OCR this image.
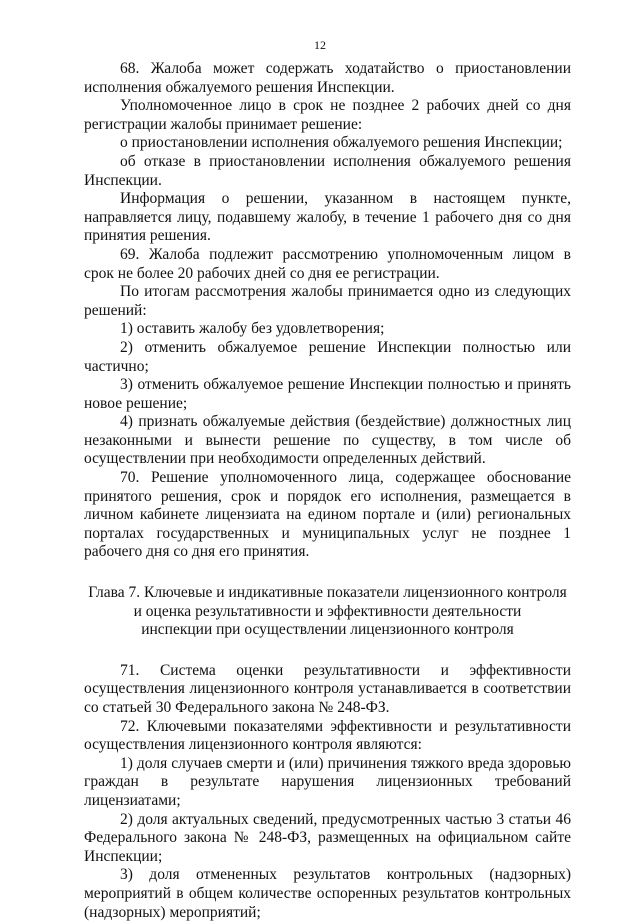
12

68. Жалоба может содержать ходатайство о приостановлении исполнения обжалуемого решения Инспекции.

Уполномоченное лицо в срок не позднее 2 рабочих дней со дня регистрации жалобы принимает решение:

о приостановлении исполнения обжалуемого решения Инспекции;

об отказе в приостановлении исполнения обжалуемого решения Инспекции.

Информация о решении, указанном в настоящем пункте, направляется лицу, подавшему жалобу, в течение 1 рабочего дня со дня принятия решения.

69. Жалоба подлежит рассмотрению уполномоченным лицом в срок не более 20 рабочих дней со дня ее регистрации.

По итогам рассмотрения жалобы принимается одно из следующих решений:

1) оставить жалобу без удовлетворения;

2) отменить обжалуемое решение Инспекции полностью или частично;

3) отменить обжалуемое решение Инспекции полностью и принять новое решение;

4) признать обжалуемые действия (бездействие) должностных лиц незаконными и вынести решение по существу, в том числе об осуществлении при необходимости определенных действий.

70. Решение уполномоченного лица, содержащее обоснование принятого решения, срок и порядок его исполнения, размещается в личном кабинете лицензиата на едином портале и (или) региональных порталах государственных и муниципальных услуг не позднее 1 рабочего дня со дня его принятия.

Глава 7. Ключевые и индикативные показатели лицензионного контроля
и оценка результативности и эффективности деятельности
инспекции при осуществлении лицензионного контроля

71. Система оценки результативности и эффективности осуществления лицензионного контроля устанавливается в соответствии со статьей 30 Федерального закона № 248-ФЗ.

72. Ключевыми показателями эффективности и результативности осуществления лицензионного контроля являются:

1) доля случаев смерти и (или) причинения тяжкого вреда здоровью граждан в результате нарушения лицензионных требований лицензиатами;

2) доля актуальных сведений, предусмотренных частью 3 статьи 46 Федерального закона № 248-ФЗ, размещенных на официальном сайте Инспекции;

3) доля отмененных результатов контрольных (надзорных) мероприятий в общем количестве оспоренных результатов контрольных (надзорных) мероприятий;
